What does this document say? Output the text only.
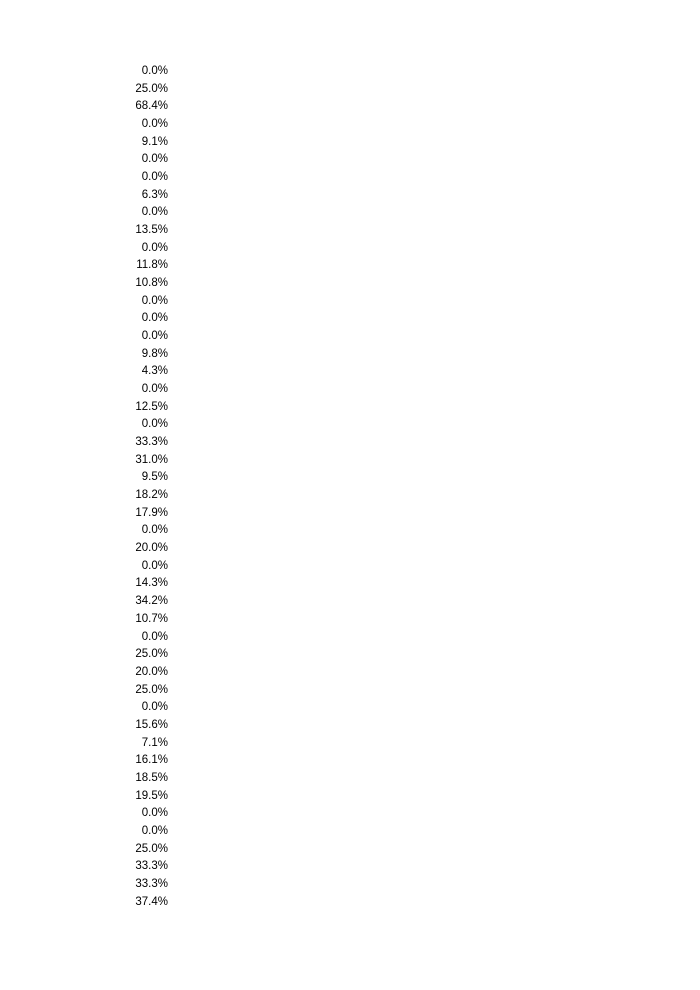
0.0%
25.0%
68.4%
0.0%
9.1%
0.0%
0.0%
6.3%
0.0%
13.5%
0.0%
11.8%
10.8%
0.0%
0.0%
0.0%
9.8%
4.3%
0.0%
12.5%
0.0%
33.3%
31.0%
9.5%
18.2%
17.9%
0.0%
20.0%
0.0%
14.3%
34.2%
10.7%
0.0%
25.0%
20.0%
25.0%
0.0%
15.6%
7.1%
16.1%
18.5%
19.5%
0.0%
0.0%
25.0%
33.3%
33.3%
37.4%
